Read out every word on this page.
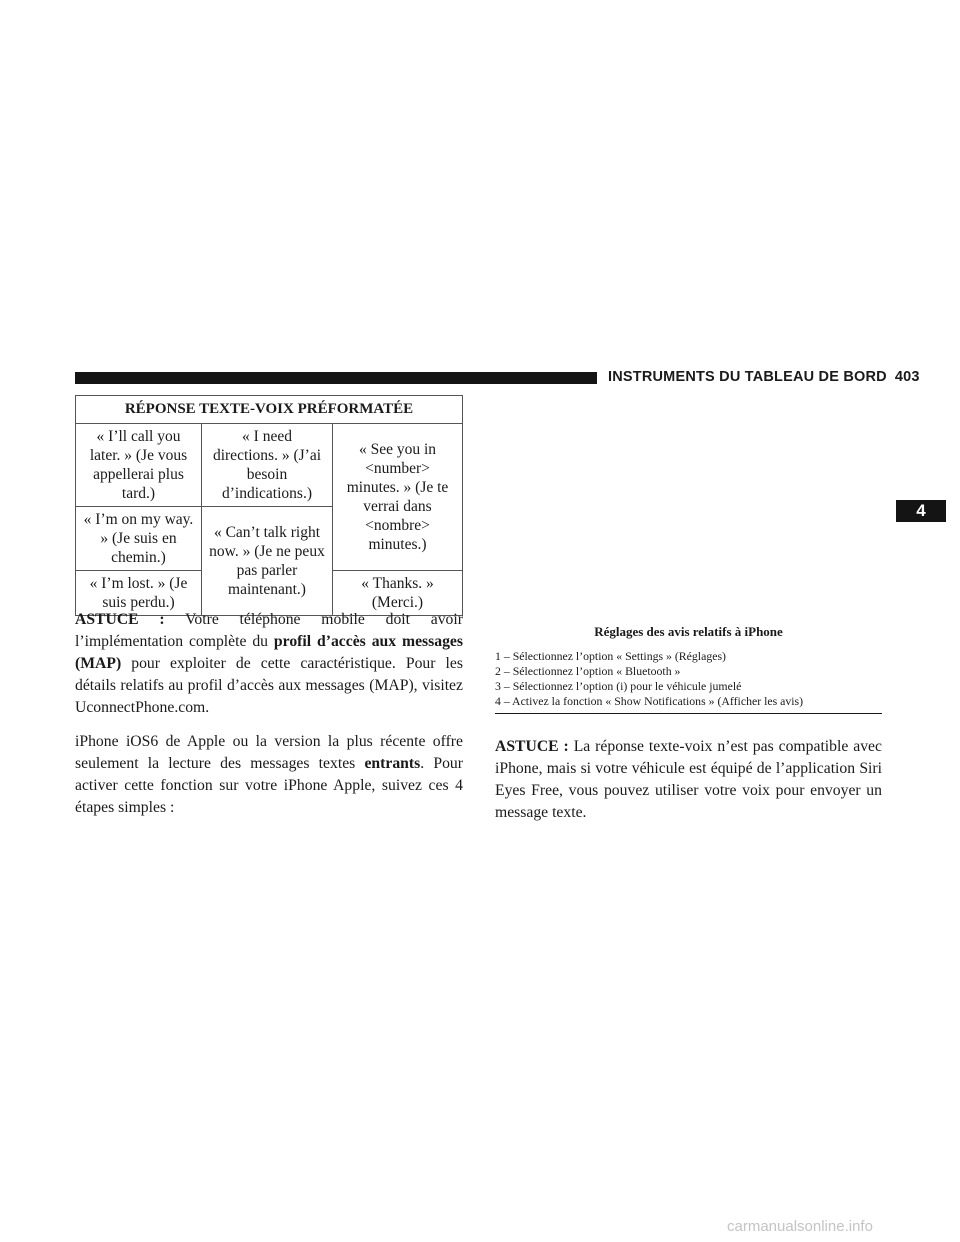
INSTRUMENTS DU TABLEAU DE BORD 403
4
RÉPONSE TEXTE-VOIX PRÉFORMATÉE		
« I’ll call you later. » (Je vous appellerai plus tard.)	« I need directions. » (J’ai besoin d’indications.)	« See you in <number> minutes. » (Je te verrai dans <nombre> minutes.)
« I’m on my way. » (Je suis en chemin.)	« Can’t talk right now. » (Je ne peux pas parler maintenant.)	
« I’m lost. » (Je suis perdu.)		« Thanks. » (Merci.)

ASTUCE : Votre téléphone mobile doit avoir l’implémentation complète du profil d’accès aux messages (MAP) pour exploiter de cette caractéristique. Pour les détails relatifs au profil d’accès aux messages (MAP), visitez UconnectPhone.com.

iPhone iOS6 de Apple ou la version la plus récente offre seulement la lecture des messages textes entrants. Pour activer cette fonction sur votre iPhone Apple, suivez ces 4 étapes simples :

Réglages des avis relatifs à iPhone
1 – Sélectionnez l’option « Settings » (Réglages)
2 – Sélectionnez l’option « Bluetooth »
3 – Sélectionnez l’option (i) pour le véhicule jumelé
4 – Activez la fonction « Show Notifications » (Afficher les avis)

ASTUCE : La réponse texte-voix n’est pas compatible avec iPhone, mais si votre véhicule est équipé de l’application Siri Eyes Free, vous pouvez utiliser votre voix pour envoyer un message texte.

carmanualsonline.info
